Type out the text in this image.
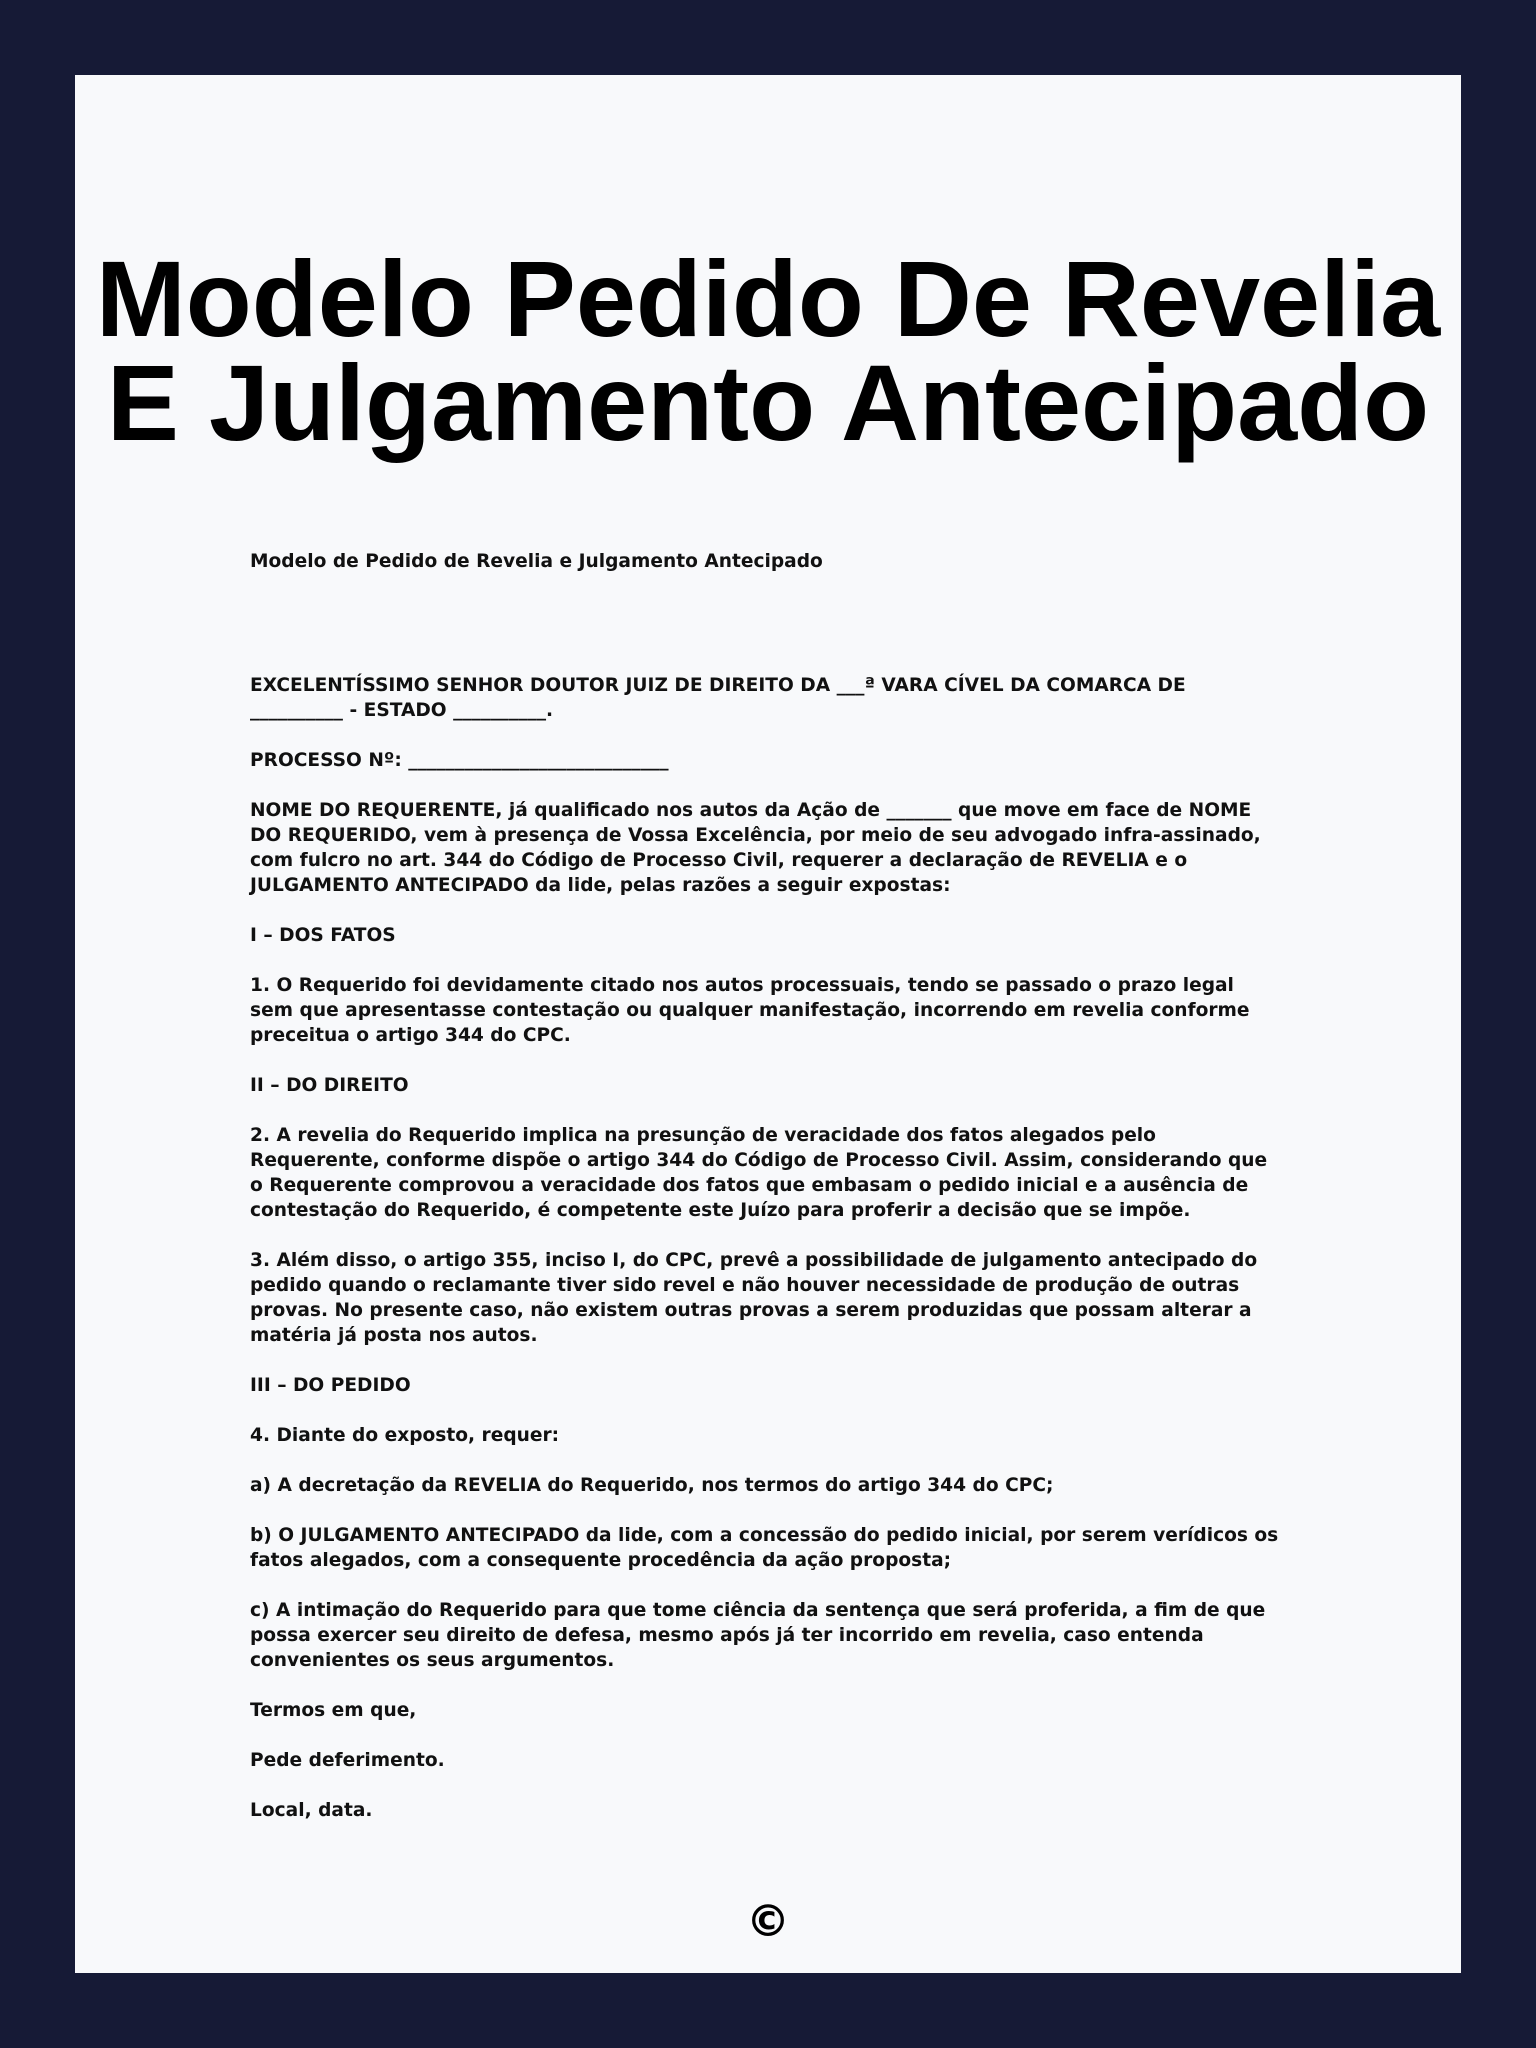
Modelo Pedido De Revelia E Julgamento Antecipado

Modelo de Pedido de Revelia e Julgamento Antecipado

EXCELENTÍSSIMO SENHOR DOUTOR JUIZ DE DIREITO DA ___ª VARA CÍVEL DA COMARCA DE __________ - ESTADO __________.

PROCESSO Nº: ____________________________

NOME DO REQUERENTE, já qualificado nos autos da Ação de _______ que move em face de NOME DO REQUERIDO, vem à presença de Vossa Excelência, por meio de seu advogado infra-assinado, com fulcro no art. 344 do Código de Processo Civil, requerer a declaração de REVELIA e o JULGAMENTO ANTECIPADO da lide, pelas razões a seguir expostas:

I – DOS FATOS

1. O Requerido foi devidamente citado nos autos processuais, tendo se passado o prazo legal sem que apresentasse contestação ou qualquer manifestação, incorrendo em revelia conforme preceitua o artigo 344 do CPC.

II – DO DIREITO

2. A revelia do Requerido implica na presunção de veracidade dos fatos alegados pelo Requerente, conforme dispõe o artigo 344 do Código de Processo Civil. Assim, considerando que o Requerente comprovou a veracidade dos fatos que embasam o pedido inicial e a ausência de contestação do Requerido, é competente este Juízo para proferir a decisão que se impõe.

3. Além disso, o artigo 355, inciso I, do CPC, prevê a possibilidade de julgamento antecipado do pedido quando o reclamante tiver sido revel e não houver necessidade de produção de outras provas. No presente caso, não existem outras provas a serem produzidas que possam alterar a matéria já posta nos autos.

III – DO PEDIDO

4. Diante do exposto, requer:

a) A decretação da REVELIA do Requerido, nos termos do artigo 344 do CPC;

b) O JULGAMENTO ANTECIPADO da lide, com a concessão do pedido inicial, por serem verídicos os fatos alegados, com a consequente procedência da ação proposta;

c) A intimação do Requerido para que tome ciência da sentença que será proferida, a fim de que possa exercer seu direito de defesa, mesmo após já ter incorrido em revelia, caso entenda convenientes os seus argumentos.

Termos em que,

Pede deferimento.

Local, data.

©
